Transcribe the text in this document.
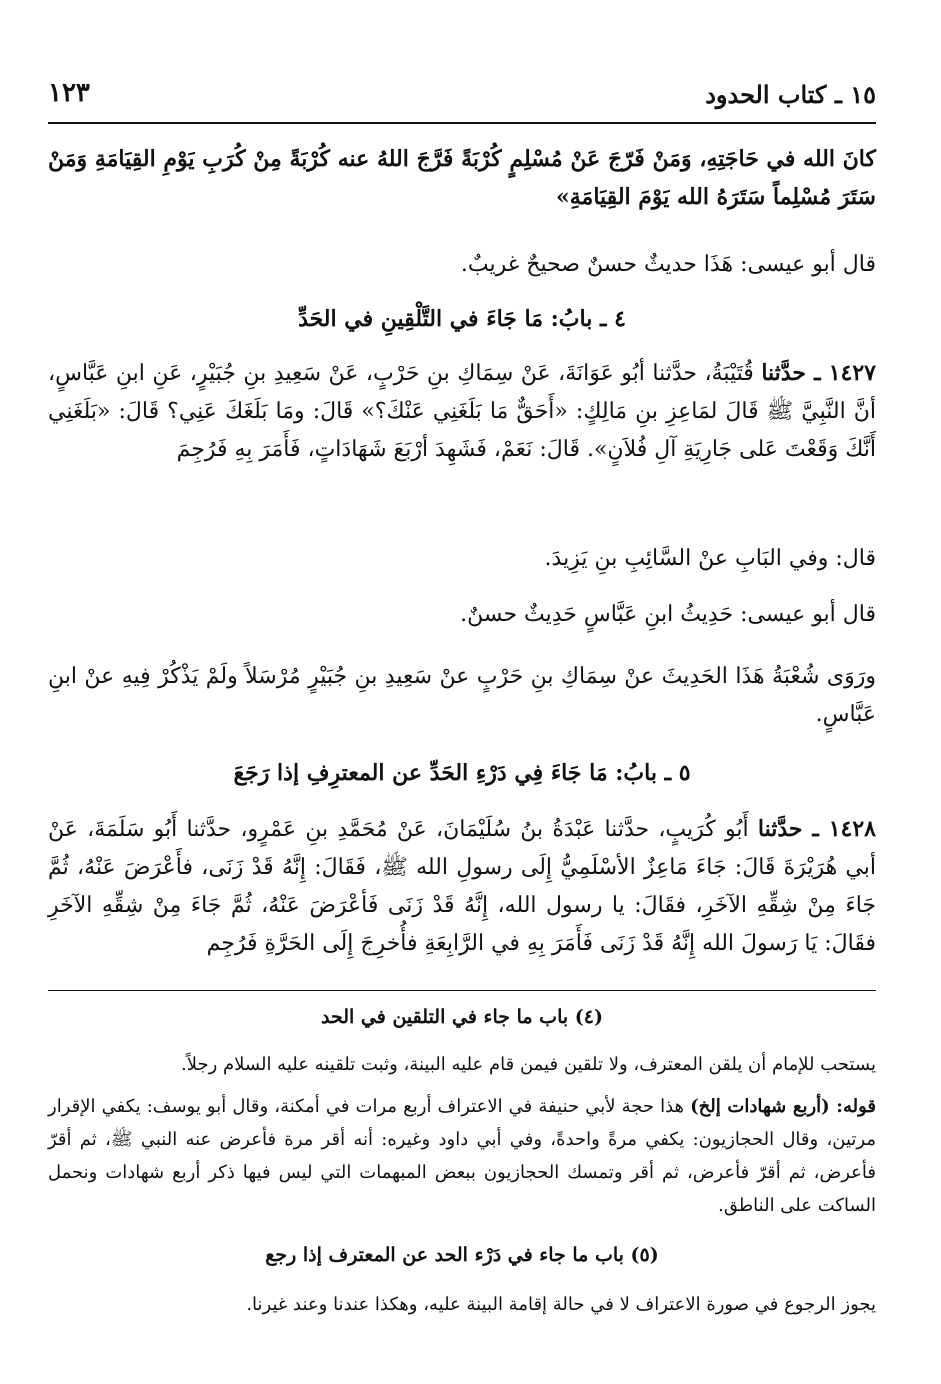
١٥ ـ كتاب الحدود
١٢٣
كانَ الله في حَاجَتِهِ، وَمَنْ فَرّجَ عَنْ مُسْلِمٍ كُرْبَةً فَرَّجَ اللهُ عنه كُرْبَةً مِنْ كُرَبِ يَوْمِ القِيَامَةِ وَمَنْ سَتَرَ مُسْلِماً سَتَرَهُ الله يَوْمَ القِيَامَةِ»
قال أبو عيسى: هَذَا حديثٌ حسنٌ صحيحٌ غريبٌ.
٤ ـ بابُ: مَا جَاءَ في التَّلْقِينِ في الحَدِّ
١٤٢٧ ـ حدَّثنا قُتَيْبَةُ، حدَّثنا أبُو عَوَانَةَ، عَنْ سِمَاكِ بنِ حَرْبٍ، عَنْ سَعِيدِ بنِ جُبَيْرٍ، عَنِ ابنِ عَبَّاسٍ، أنَّ النَّبِيَّ ﷺ قَالَ لمَاعِزِ بنِ مَالِكٍ: «أَحَقٌّ مَا بَلَغَنِي عَنْكَ؟» قَالَ: ومَا بَلَغَكَ عَنِي؟ قَالَ: «بَلَغَنِي أَنَّكَ وَقَعْتَ عَلى جَارِيَةِ آلِ فُلاَنٍ». قَالَ: نَعَمْ، فَشَهِدَ أرْبَعَ شَهَادَاتٍ، فَأَمَرَ بِهِ فَرُجِمَ
قال: وفي البَابِ عنْ السَّائِبِ بنِ يَزِيدَ.
قال أبو عيسى: حَدِيثُ ابنِ عَبَّاسٍ حَدِيثٌ حسنٌ.
ورَوَى شُعْبَةُ هَذَا الحَدِيثَ عنْ سِمَاكِ بنِ حَرْبٍ عنْ سَعِيدِ بنِ جُبَيْرٍ مُرْسَلاً ولَمْ يَذْكُرْ فِيهِ عنْ ابنِ عَبَّاسٍ.
٥ ـ بابُ: مَا جَاءَ فِي دَرْءِ الحَدِّ عن المعترِفِ إذا رَجَعَ
١٤٢٨ ـ حدَّثنا أَبُو كُرَيبٍ، حدَّثنا عَبْدَةُ بنُ سُلَيْمَانَ، عَنْ مُحَمَّدِ بنِ عَمْرٍو، حدَّثنا أَبُو سَلَمَةَ، عَنْ أبي هُرَيْرَةَ قَالَ: جَاءَ مَاعِزٌ الأسْلَمِيُّ إِلَى رسولِ الله ﷺ، فَقَالَ: إِنَّهُ قَدْ زَنَى، فأَعْرَضَ عَنْهُ، ثُمَّ جَاءَ مِنْ شِقِّهِ الآخَرِ، فقَالَ: يا رسول الله، إِنَّهُ قَدْ زَنَى فَأعْرَضَ عَنْهُ، ثُمَّ جَاءَ مِنْ شِقِّهِ الآخَرِ فقَالَ: يَا رَسولَ الله إِنَّهُ قَدْ زَنَى فَأَمَرَ بِهِ في الرَّابِعَةِ فأُخرِجَ إِلَى الحَرَّةِ فَرُجِم
(٤) باب ما جاء في التلقين في الحد
يستحب للإمام أن يلقن المعترف، ولا تلقين فيمن قام عليه البينة، وثبت تلقينه عليه السلام رجلاً.
قوله: (أربع شهادات إلخ) هذا حجة لأبي حنيفة في الاعتراف أربع مرات في أمكنة، وقال أبو يوسف: يكفي الإقرار مرتين، وقال الحجازيون: يكفي مرةً واحدةً، وفي أبي داود وغيره: أنه أقر مرة فأعرض عنه النبي ﷺ، ثم أقرّ فأعرض، ثم أقرّ فأعرض، ثم أقر وتمسك الحجازيون ببعض المبهمات التي ليس فيها ذكر أربع شهادات ونحمل الساكت على الناطق.
(٥) باب ما جاء في دَرْء الحد عن المعترف إذا رجع
يجوز الرجوع في صورة الاعتراف لا في حالة إقامة البينة عليه، وهكذا عندنا وعند غيرنا.
